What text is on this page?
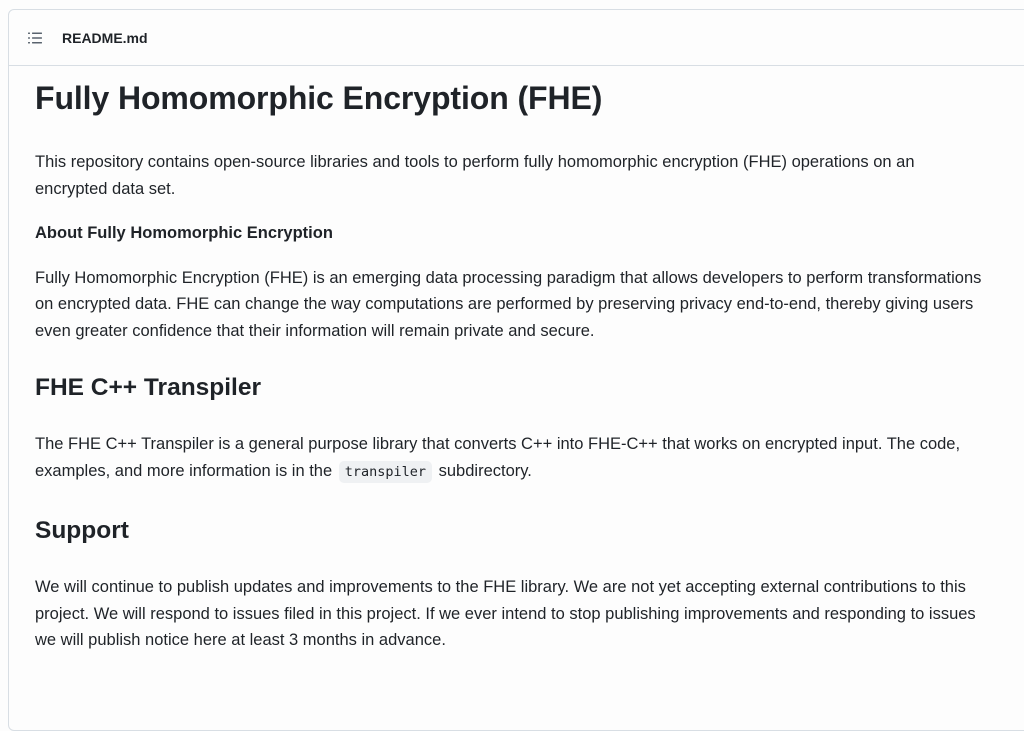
README.md
Fully Homomorphic Encryption (FHE)

This repository contains open-source libraries and tools to perform fully homomorphic encryption (FHE) operations on an encrypted data set.

About Fully Homomorphic Encryption

Fully Homomorphic Encryption (FHE) is an emerging data processing paradigm that allows developers to perform transformations on encrypted data. FHE can change the way computations are performed by preserving privacy end-to-end, thereby giving users even greater confidence that their information will remain private and secure.

FHE C++ Transpiler

The FHE C++ Transpiler is a general purpose library that converts C++ into FHE-C++ that works on encrypted input. The code, examples, and more information is in the transpiler subdirectory.

Support

We will continue to publish updates and improvements to the FHE library. We are not yet accepting external contributions to this project. We will respond to issues filed in this project. If we ever intend to stop publishing improvements and responding to issues we will publish notice here at least 3 months in advance.
